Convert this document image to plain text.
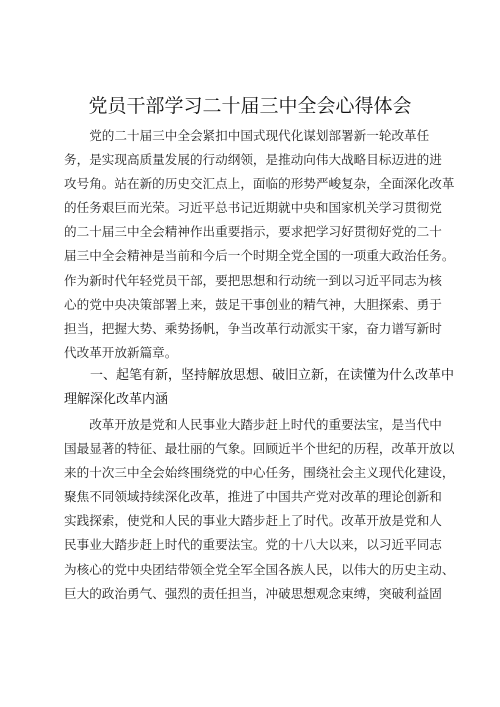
党员干部学习二十届三中全会心得体会

　　党的二十届三中全会紧扣中国式现代化谋划部署新一轮改革任
务，是实现高质量发展的行动纲领，是推动向伟大战略目标迈进的进
攻号角。站在新的历史交汇点上，面临的形势严峻复杂，全面深化改革
的任务艰巨而光荣。习近平总书记近期就中央和国家机关学习贯彻党
的二十届三中全会精神作出重要指示，要求把学习好贯彻好党的二十
届三中全会精神是当前和今后一个时期全党全国的一项重大政治任务。
作为新时代年轻党员干部，要把思想和行动统一到以习近平同志为核
心的党中央决策部署上来，鼓足干事创业的精气神，大胆探索、勇于
担当，把握大势、乘势扬帆，争当改革行动派实干家，奋力谱写新时
代改革开放新篇章。

　　一、起笔有新，坚持解放思想、破旧立新，在读懂为什么改革中
理解深化改革内涵

　　改革开放是党和人民事业大踏步赶上时代的重要法宝，是当代中
国最显著的特征、最壮丽的气象。回顾近半个世纪的历程，改革开放以
来的十次三中全会始终围绕党的中心任务，围绕社会主义现代化建设，
聚焦不同领域持续深化改革，推进了中国共产党对改革的理论创新和
实践探索，使党和人民的事业大踏步赶上了时代。改革开放是党和人
民事业大踏步赶上时代的重要法宝。党的十八大以来，以习近平同志
为核心的党中央团结带领全党全军全国各族人民，以伟大的历史主动、
巨大的政治勇气、强烈的责任担当，冲破思想观念束缚，突破利益固
